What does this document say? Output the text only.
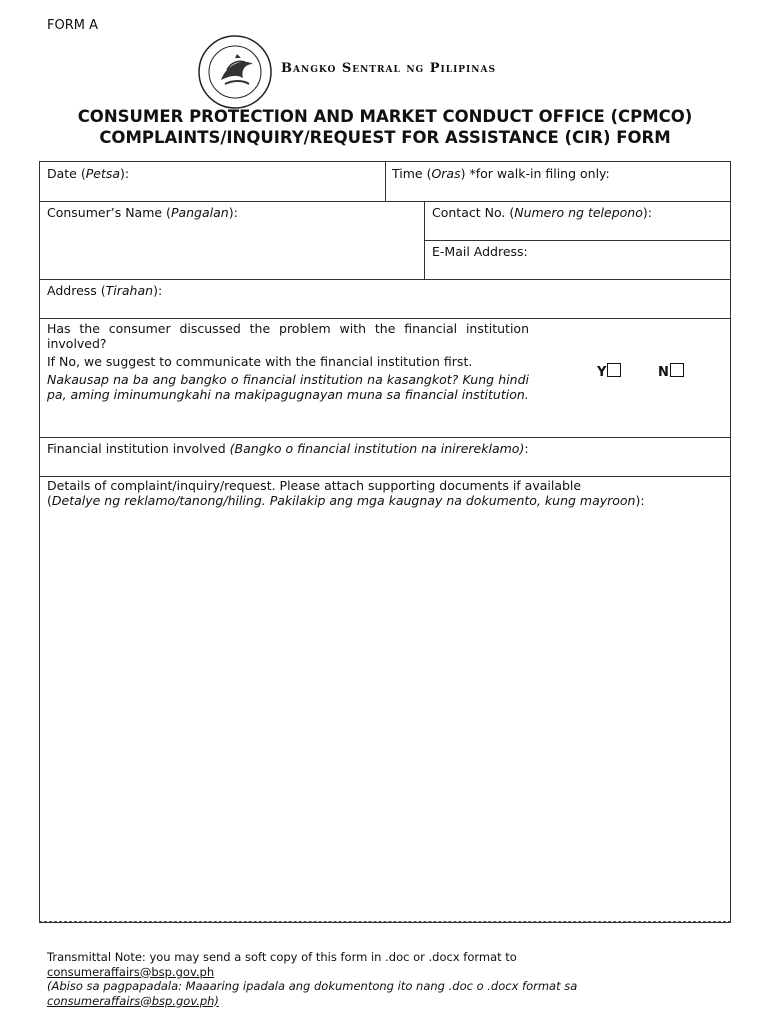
FORM A
Bangko Sentral ng Pilipinas
CONSUMER PROTECTION AND MARKET CONDUCT OFFICE (CPMCO)
COMPLAINTS/INQUIRY/REQUEST FOR ASSISTANCE (CIR) FORM
Date (Petsa):	Time (Oras) *for walk-in filing only:
Consumer’s Name (Pangalan):	Contact No. (Numero ng telepono):
E-Mail Address:
Address (Tirahan):
Has the consumer discussed the problem with the financial institution involved?
If No, we suggest to communicate with the financial institution first.
Nakausap na ba ang bangko o financial institution na kasangkot? Kung hindi pa, aming iminumungkahi na makipagugnayan muna sa financial institution.
Y	N
Financial institution involved (Bangko o financial institution na inirereklamo):
Details of complaint/inquiry/request. Please attach supporting documents if available
(Detalye ng reklamo/tanong/hiling. Pakilakip ang mga kaugnay na dokumento, kung mayroon):
Transmittal Note: you may send a soft copy of this form in .doc or .docx format to
consumeraffairs@bsp.gov.ph
(Abiso sa pagpapadala: Maaaring ipadala ang dokumentong ito nang .doc o .docx format sa
consumeraffairs@bsp.gov.ph)
